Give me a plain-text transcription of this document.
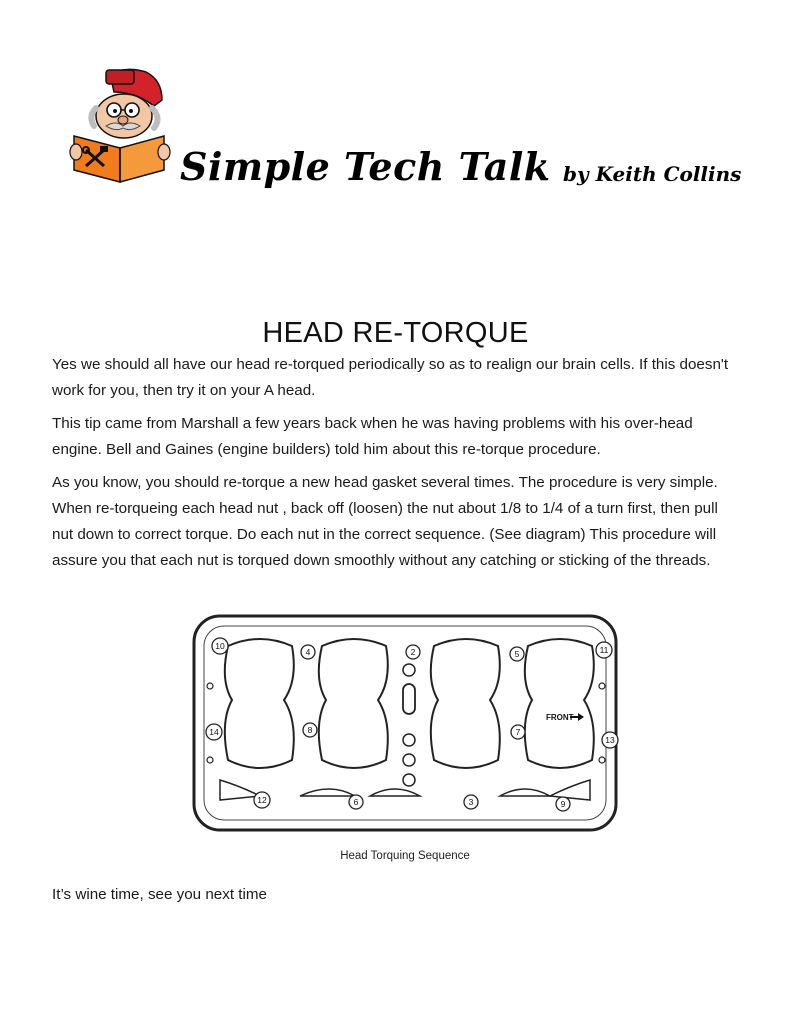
Simple Tech Talk by Keith Collins
HEAD RE-TORQUE

Yes we should all have our head re-torqued periodically so as to realign our brain cells. If this doesn't work for you, then try it on your A head.

This tip came from Marshall a few years back when he was having problems with his over-head engine. Bell and Gaines (engine builders) told him about this re-torque procedure.

As you know, you should re-torque a new head gasket several times. The procedure is very simple. When re-torqueing each head nut , back off (loosen) the nut about 1/8 to 1/4 of a turn first, then pull nut down to correct torque. Do each nut in the correct sequence. (See diagram) This procedure will assure you that each nut is torqued down smoothly without any catching or sticking of the threads.

10
4	2	5	11
14	8	7
13
12	6	3	9
FRONT
Head Torquing Sequence
It’s wine time, see you next time
